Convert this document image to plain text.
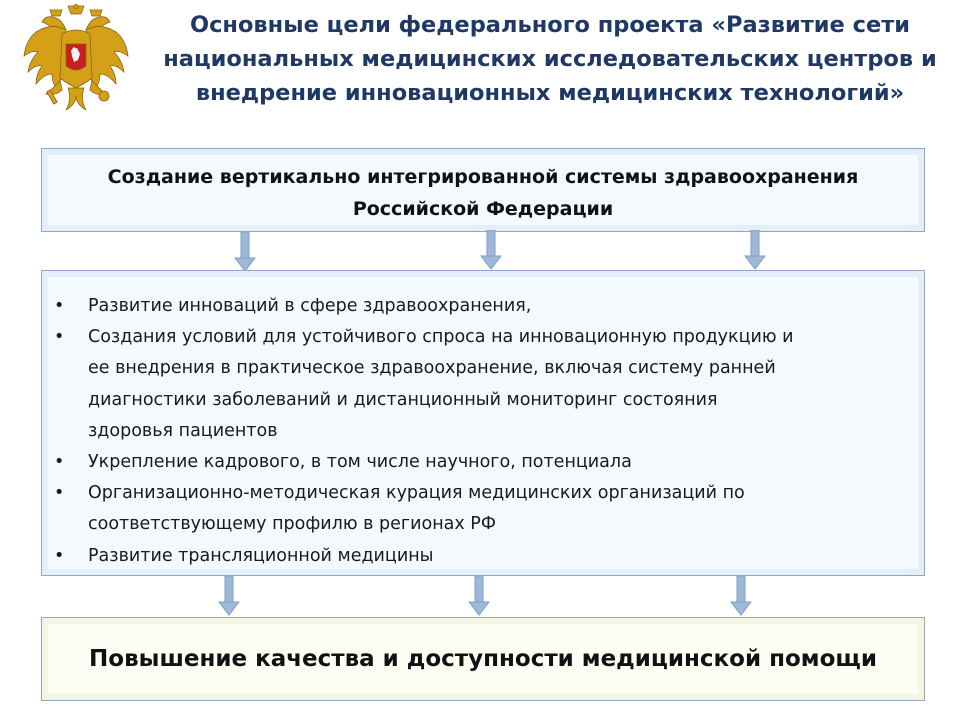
Основные цели федерального проекта «Развитие сети
национальных медицинских исследовательских центров и
внедрение инновационных медицинских технологий»
Создание вертикально интегрированной системы здравоохранения
Российской Федерации
• Развитие инноваций в сфере здравоохранения,
• Создания условий для устойчивого спроса на инновационную продукцию и
ее внедрения в практическое здравоохранение, включая систему ранней
диагностики заболеваний и дистанционный мониторинг состояния
здоровья пациентов
• Укрепление кадрового, в том числе научного, потенциала
• Организационно-методическая курация медицинских организаций по
соответствующему профилю в регионах РФ
• Развитие трансляционной медицины
Повышение качества и доступности медицинской помощи
